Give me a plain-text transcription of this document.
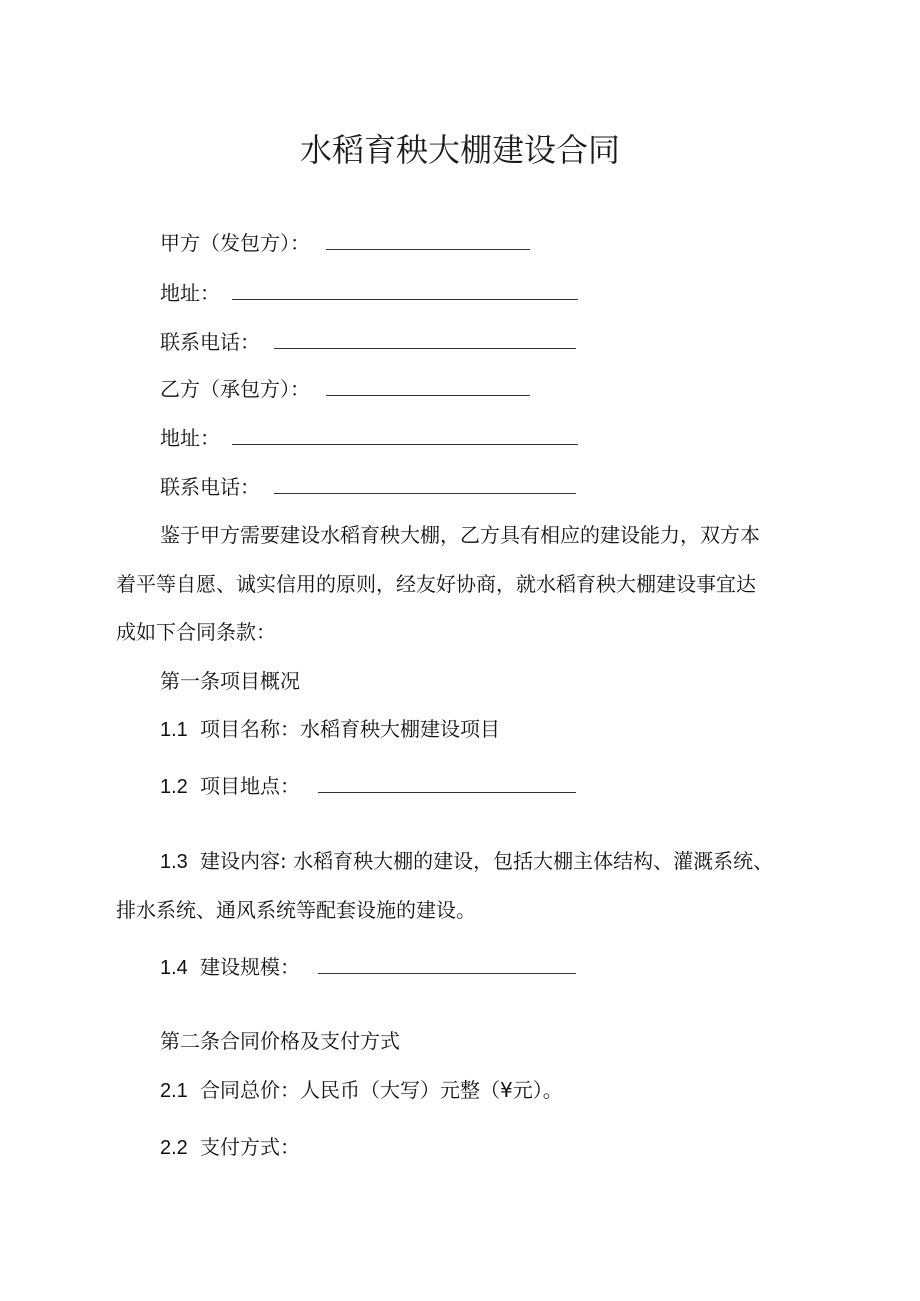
水稻育秧大棚建设合同
甲方（发包方）：
地址：
联系电话：
乙方（承包方）：
地址：
联系电话：
鉴于甲方需要建设水稻育秧大棚，乙方具有相应的建设能力，双方本
着平等自愿、诚实信用的原则，经友好协商，就水稻育秧大棚建设事宜达
成如下合同条款：
第一条项目概况
1.1 项目名称：水稻育秧大棚建设项目
1.2 项目地点：
1.3 建设内容: 水稻育秧大棚的建设，包括大棚主体结构、灌溉系统、
排水系统、通风系统等配套设施的建设。
1.4 建设规模：
第二条合同价格及支付方式
2.1 合同总价：人民币（大写）元整（¥元）。
2.2 支付方式：
